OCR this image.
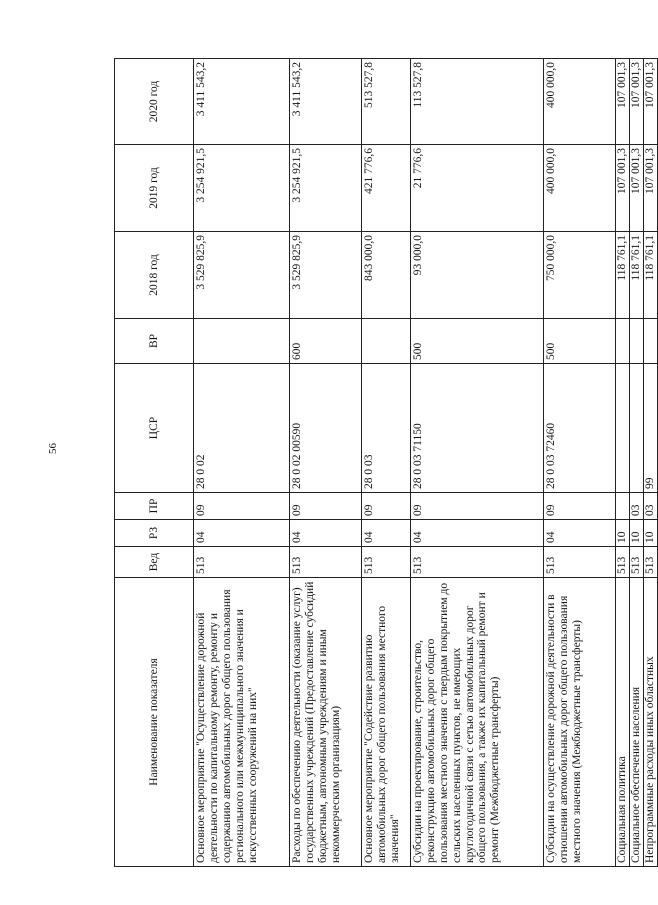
56
Наименование показателя	Вед	РЗ	ПР	ЦСР	ВР	2018 год	2019 год	2020 год
Основное мероприятие "Осуществление дорожной деятельности по капитальному ремонту, ремонту и содержанию автомобильных дорог общего пользования регионального или межмуниципального значения и искусственных сооружений на них"	513	04	09	28 0 02		3 529 825,9	3 254 921,5	3 411 543,2
Расходы по обеспечению деятельности (оказание услуг) государственных учреждений (Предоставление субсидий бюджетным, автономным учреждениям и иным некоммерческим организациям)	513	04	09	28 0 02 00590	600	3 529 825,9	3 254 921,5	3 411 543,2
Основное мероприятие "Содействие развитию автомобильных дорог общего пользования местного значения"	513	04	09	28 0 03		843 000,0	421 776,6	513 527,8
Субсидии на проектирование, строительство, реконструкцию автомобильных дорог общего пользования местного значения с твердым покрытием до сельских населенных пунктов, не имеющих круглогодичной связи с сетью автомобильных дорог общего пользования, а также их капитальный ремонт и ремонт (Межбюджетные трансферты)	513	04	09	28 0 03 71150	500	93 000,0	21 776,6	113 527,8
Субсидии на осуществление дорожной деятельности в отношении автомобильных дорог общего пользования местного значения (Межбюджетные трансферты)	513	04	09	28 0 03 72460	500	750 000,0	400 000,0	400 000,0
Социальная политика	513	10				118 761,1	107 001,3	107 001,3
Социальное обеспечение населения	513	10	03			118 761,1	107 001,3	107 001,3
Непрограммные расходы иных областных	513	10	03	99		118 761,1	107 001,3	107 001,3
